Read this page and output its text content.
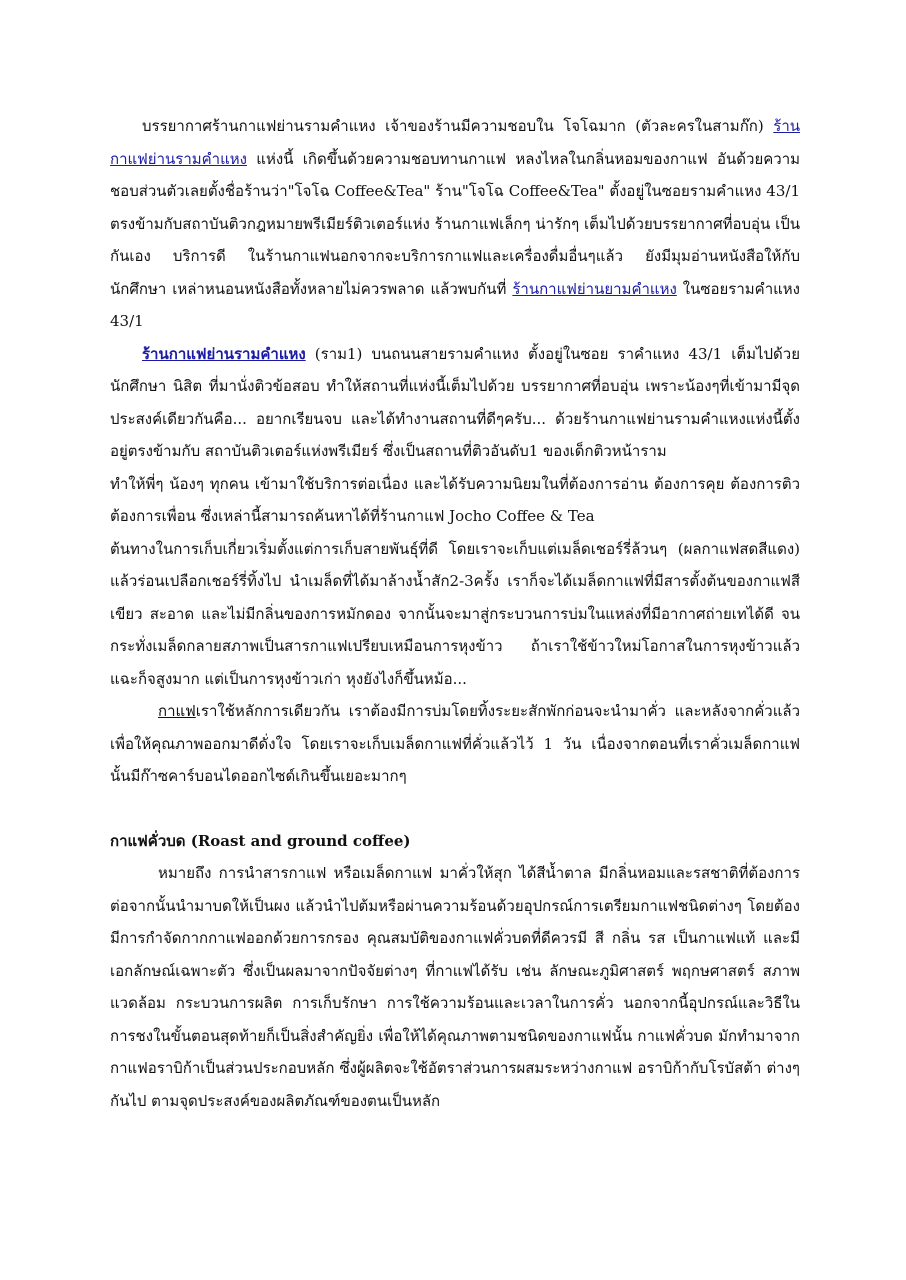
บรรยากาศร้านกาแฟย่านรามคำแหง เจ้าของร้านมีความชอบใน โจโฉมาก (ตัวละครในสามก๊ก) ร้านกาแฟย่านรามคำแหง แห่งนี้ เกิดขึ้นด้วยความชอบทานกาแฟ หลงไหลในกลิ่นหอมของกาแฟ อันด้วยความชอบส่วนตัวเลยตั้งชื่อร้านว่า"โจโฉ Coffee&Tea" ร้าน"โจโฉ Coffee&Tea" ตั้งอยู่ในซอยรามคำแหง 43/1 ตรงข้ามกับสถาบันติวกฎหมายพรีเมียร์ติวเตอร์แห่ง ร้านกาแฟเล็กๆ น่ารักๆ เต็มไปด้วยบรรยากาศที่อบอุ่น เป็นกันเอง บริการดี ในร้านกาแฟนอกจากจะบริการกาแฟและเครื่องดื่มอื่นๆแล้ว ยังมีมุมอ่านหนังสือให้กับนักศึกษา เหล่าหนอนหนังสือทั้งหลายไม่ควรพลาด แล้วพบกันที่ ร้านกาแฟย่านยามคำแหง ในซอยรามคำแหง 43/1

ร้านกาแฟย่านรามคำแหง (ราม1) บนถนนสายรามคำแหง ตั้งอยู่ในซอย ราคำแหง 43/1 เต็มไปด้วยนักศึกษา นิสิต ที่มานั่งติวข้อสอบ ทำให้สถานที่แห่งนี้เต็มไปด้วย บรรยากาศที่อบอุ่น เพราะน้องๆที่เข้ามามีจุดประสงค์เดียวกันคือ... อยากเรียนจบ และได้ทำงานสถานที่ดีๆครับ... ด้วยร้านกาแฟย่านรามคำแหงแห่งนี้ตั้งอยู่ตรงข้ามกับ สถาบันติวเตอร์แห่งพรีเมียร์ ซึ่งเป็นสถานที่ติวอันดับ1 ของเด็กติวหน้าราม

ทำให้พี่ๆ น้องๆ ทุกคน เข้ามาใช้บริการต่อเนื่อง และได้รับความนิยมในที่ต้องการอ่าน ต้องการคุย ต้องการติว ต้องการเพื่อน ซึ่งเหล่านี้สามารถค้นหาได้ที่ร้านกาแฟ Jocho Coffee & Tea

ต้นทางในการเก็บเกี่ยวเริ่มตั้งแต่การเก็บสายพันธุ์ที่ดี โดยเราจะเก็บแต่เมล็ดเชอร์รี่ล้วนๆ (ผลกาแฟสดสีแดง) แล้วร่อนเปลือกเชอร์รี่ทิ้งไป นำเมล็ดที่ได้มาล้างน้ำสัก2-3ครั้ง เราก็จะได้เมล็ดกาแฟที่มีสารตั้งต้นของกาแฟสีเขียว สะอาด และไม่มีกลิ่นของการหมักดอง จากนั้นจะมาสู่กระบวนการบ่มในแหล่งที่มีอากาศถ่ายเทได้ดี จนกระทั่งเมล็ดกลายสภาพเป็นสารกาแฟเปรียบเหมือนการหุงข้าว ถ้าเราใช้ข้าวใหม่โอกาสในการหุงข้าวแล้วแฉะก็จสูงมาก แต่เป็นการหุงข้าวเก่า หุงยังไงก็ขึ้นหม้อ...

กาแฟเราใช้หลักการเดียวกัน เราต้องมีการบ่มโดยทิ้งระยะสักพักก่อนจะนำมาคั่ว และหลังจากคั่วแล้ว เพื่อให้คุณภาพออกมาดีดั่งใจ โดยเราจะเก็บเมล็ดกาแฟที่คั่วแล้วไว้ 1 วัน เนื่องจากตอนที่เราคั่วเมล็ดกาแฟนั้นมีก๊าซคาร์บอนไดออกไซด์เกินขึ้นเยอะมากๆ

กาแฟคั่วบด (Roast and ground coffee)

หมายถึง การนำสารกาแฟ หรือเมล็ดกาแฟ มาคั่วให้สุก ได้สีน้ำตาล มีกลิ่นหอมและรสชาติที่ต้องการ ต่อจากนั้นนำมาบดให้เป็นผง แล้วนำไปต้มหรือผ่านความร้อนด้วยอุปกรณ์การเตรียมกาแฟชนิดต่างๆ โดยต้องมีการกำจัดกากกาแฟออกด้วยการกรอง คุณสมบัติของกาแฟคั่วบดที่ดีควรมี สี กลิ่น รส เป็นกาแฟแท้ และมีเอกลักษณ์เฉพาะตัว ซึ่งเป็นผลมาจากปัจจัยต่างๆ ที่กาแฟได้รับ เช่น ลักษณะภูมิศาสตร์ พฤกษศาสตร์ สภาพแวดล้อม กระบวนการผลิต การเก็บรักษา การใช้ความร้อนและเวลาในการคั่ว นอกจากนี้อุปกรณ์และวิธีในการชงในขั้นตอนสุดท้ายก็เป็นสิ่งสำคัญยิ่ง เพื่อให้ได้คุณภาพตามชนิดของกาแฟนั้น กาแฟคั่วบด มักทำมาจากกาแฟอราบิก้าเป็นส่วนประกอบหลัก ซึ่งผู้ผลิตจะใช้อัตราส่วนการผสมระหว่างกาแฟ อราบิก้ากับโรบัสต้า ต่างๆ กันไป ตามจุดประสงค์ของผลิตภัณฑ์ของตนเป็นหลัก
